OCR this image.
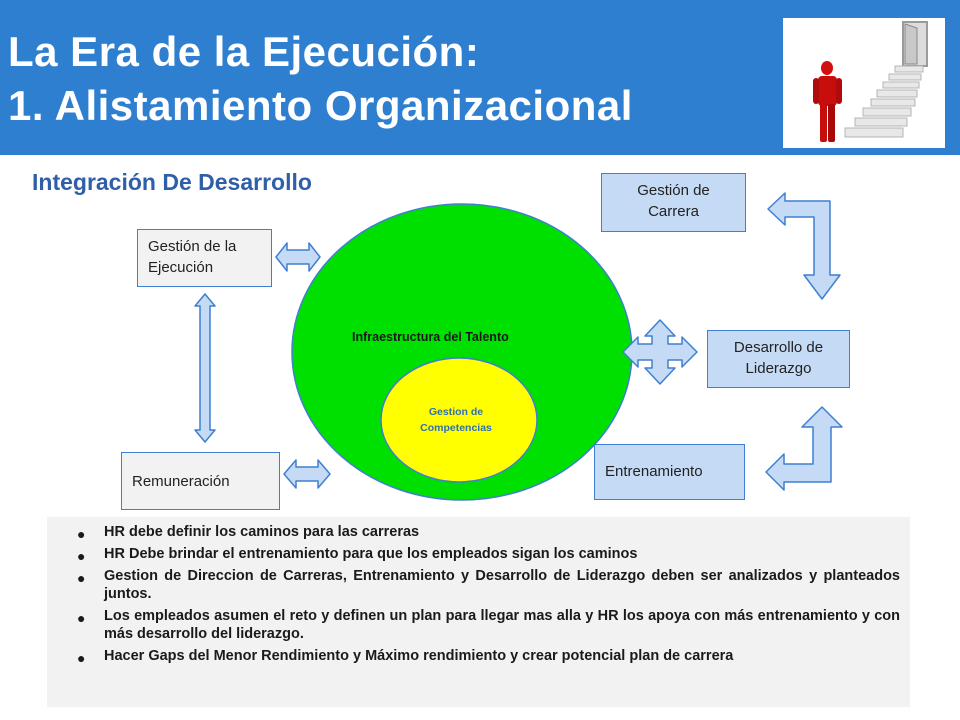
La Era de la Ejecución:
1. Alistamiento Organizacional
Integración De Desarrollo
Infraestructura del Talento
Gestion de Competencias
Gestión de la Ejecución
Remuneración
Gestión de Carrera
Desarrollo de Liderazgo
Entrenamiento
● HR debe definir los caminos para las carreras
● HR Debe brindar el entrenamiento para que los empleados sigan los caminos
● Gestion de Direccion de Carreras, Entrenamiento y Desarrollo de Liderazgo deben ser analizados y planteados juntos.
● Los empleados asumen el reto y definen un plan para llegar mas alla y HR los apoya con más entrenamiento y con más desarrollo del liderazgo.
● Hacer Gaps del Menor Rendimiento y Máximo rendimiento y crear potencial plan de carrera
